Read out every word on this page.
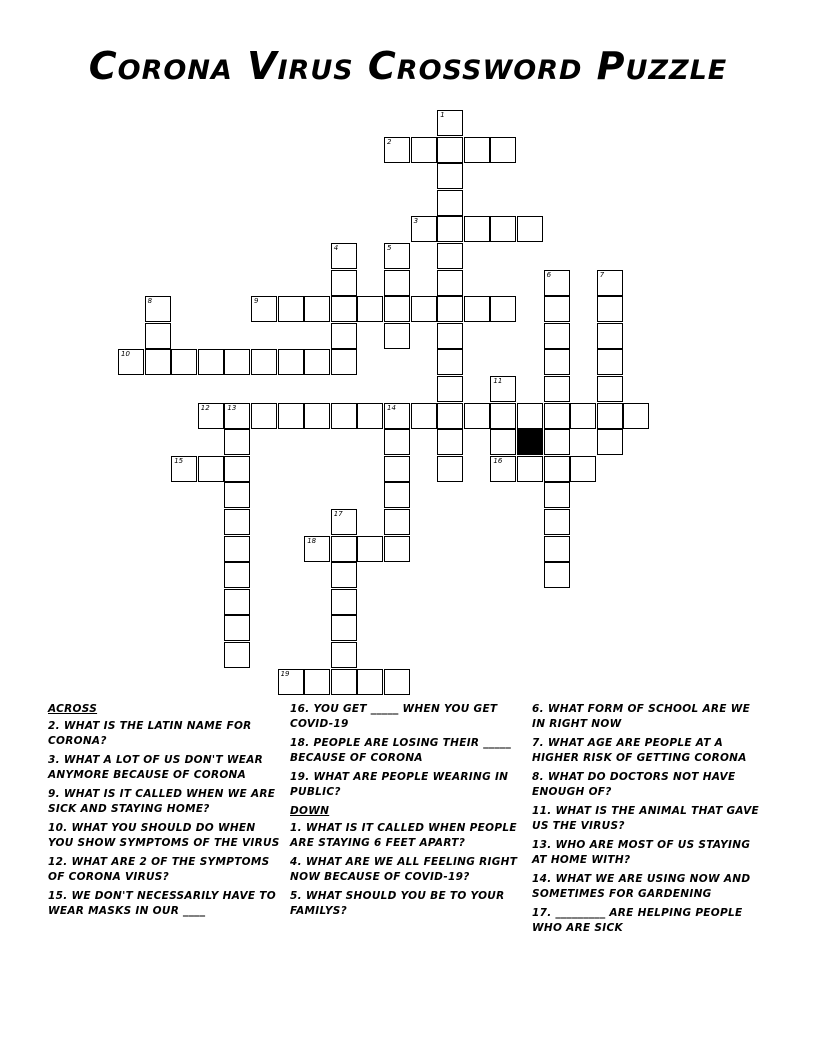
Corona Virus Crossword Puzzle
1
2
3
4	5
6	7
8	9
10
11
12	13	14
15	16
17
18
19
ACROSS
2. WHAT IS THE LATIN NAME FOR CORONA?
3. WHAT A LOT OF US DON'T WEAR ANYMORE BECAUSE OF CORONA
9. WHAT IS IT CALLED WHEN WE ARE SICK AND STAYING HOME?
10. WHAT YOU SHOULD DO WHEN YOU SHOW SYMPTOMS OF THE VIRUS
12. WHAT ARE 2 OF THE SYMPTOMS OF CORONA VIRUS?
15. WE DON'T NECESSARILY HAVE TO WEAR MASKS IN OUR ____
16. YOU GET _____ WHEN YOU GET COVID-19
18. PEOPLE ARE LOSING THEIR _____ BECAUSE OF CORONA
19. WHAT ARE PEOPLE WEARING IN PUBLIC?
DOWN
1. WHAT IS IT CALLED WHEN PEOPLE ARE STAYING 6 FEET APART?
4. WHAT ARE WE ALL FEELING RIGHT NOW BECAUSE OF COVID-19?
5. WHAT SHOULD YOU BE TO YOUR FAMILYS?
6. WHAT FORM OF SCHOOL ARE WE IN RIGHT NOW
7. WHAT AGE ARE PEOPLE AT A HIGHER RISK OF GETTING CORONA
8. WHAT DO DOCTORS NOT HAVE ENOUGH OF?
11. WHAT IS THE ANIMAL THAT GAVE US THE VIRUS?
13. WHO ARE MOST OF US STAYING AT HOME WITH?
14. WHAT WE ARE USING NOW AND SOMETIMES FOR GARDENING
17. _________ ARE HELPING PEOPLE WHO ARE SICK
